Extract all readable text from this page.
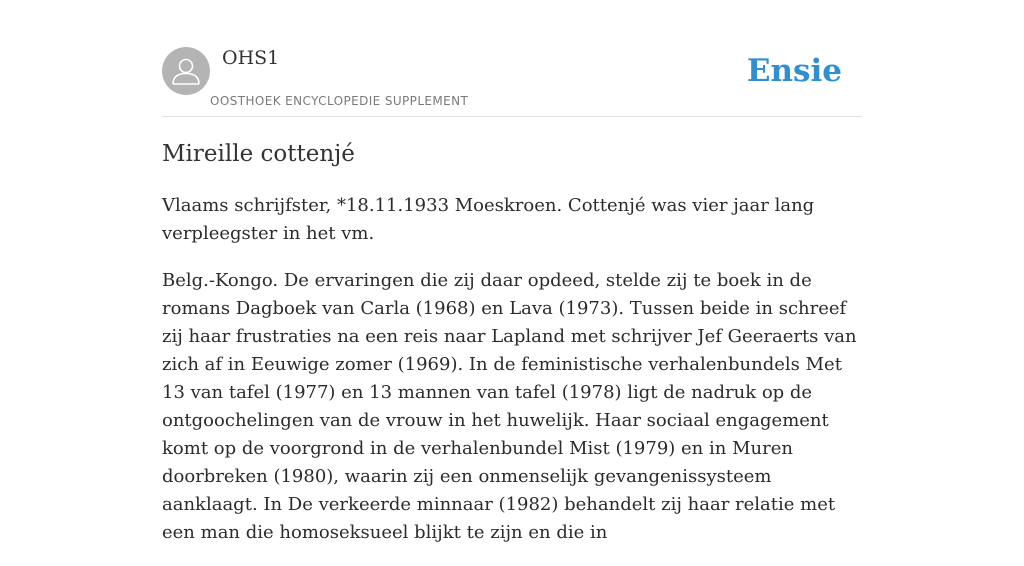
OHS1
OOSTHOEK ENCYCLOPEDIE SUPPLEMENT
Ensie
Mireille cottenjé

Vlaams schrijfster, *18.11.1933 Moeskroen. Cottenjé was vier jaar lang verpleegster in het vm.

Belg.-Kongo. De ervaringen die zij daar opdeed, stelde zij te boek in de romans Dagboek van Carla (1968) en Lava (1973). Tussen beide in schreef zij haar frustraties na een reis naar Lapland met schrijver Jef Geeraerts van zich af in Eeuwige zomer (1969). In de feministische verhalenbundels Met 13 van tafel (1977) en 13 mannen van tafel (1978) ligt de nadruk op de ontgoochelingen van de vrouw in het huwelijk. Haar sociaal engagement komt op de voorgrond in de verhalenbundel Mist (1979) en in Muren doorbreken (1980), waarin zij een onmenselijk gevangenissysteem aanklaagt. In De verkeerde minnaar (1982) behandelt zij haar relatie met een man die homoseksueel blijkt te zijn en die in
